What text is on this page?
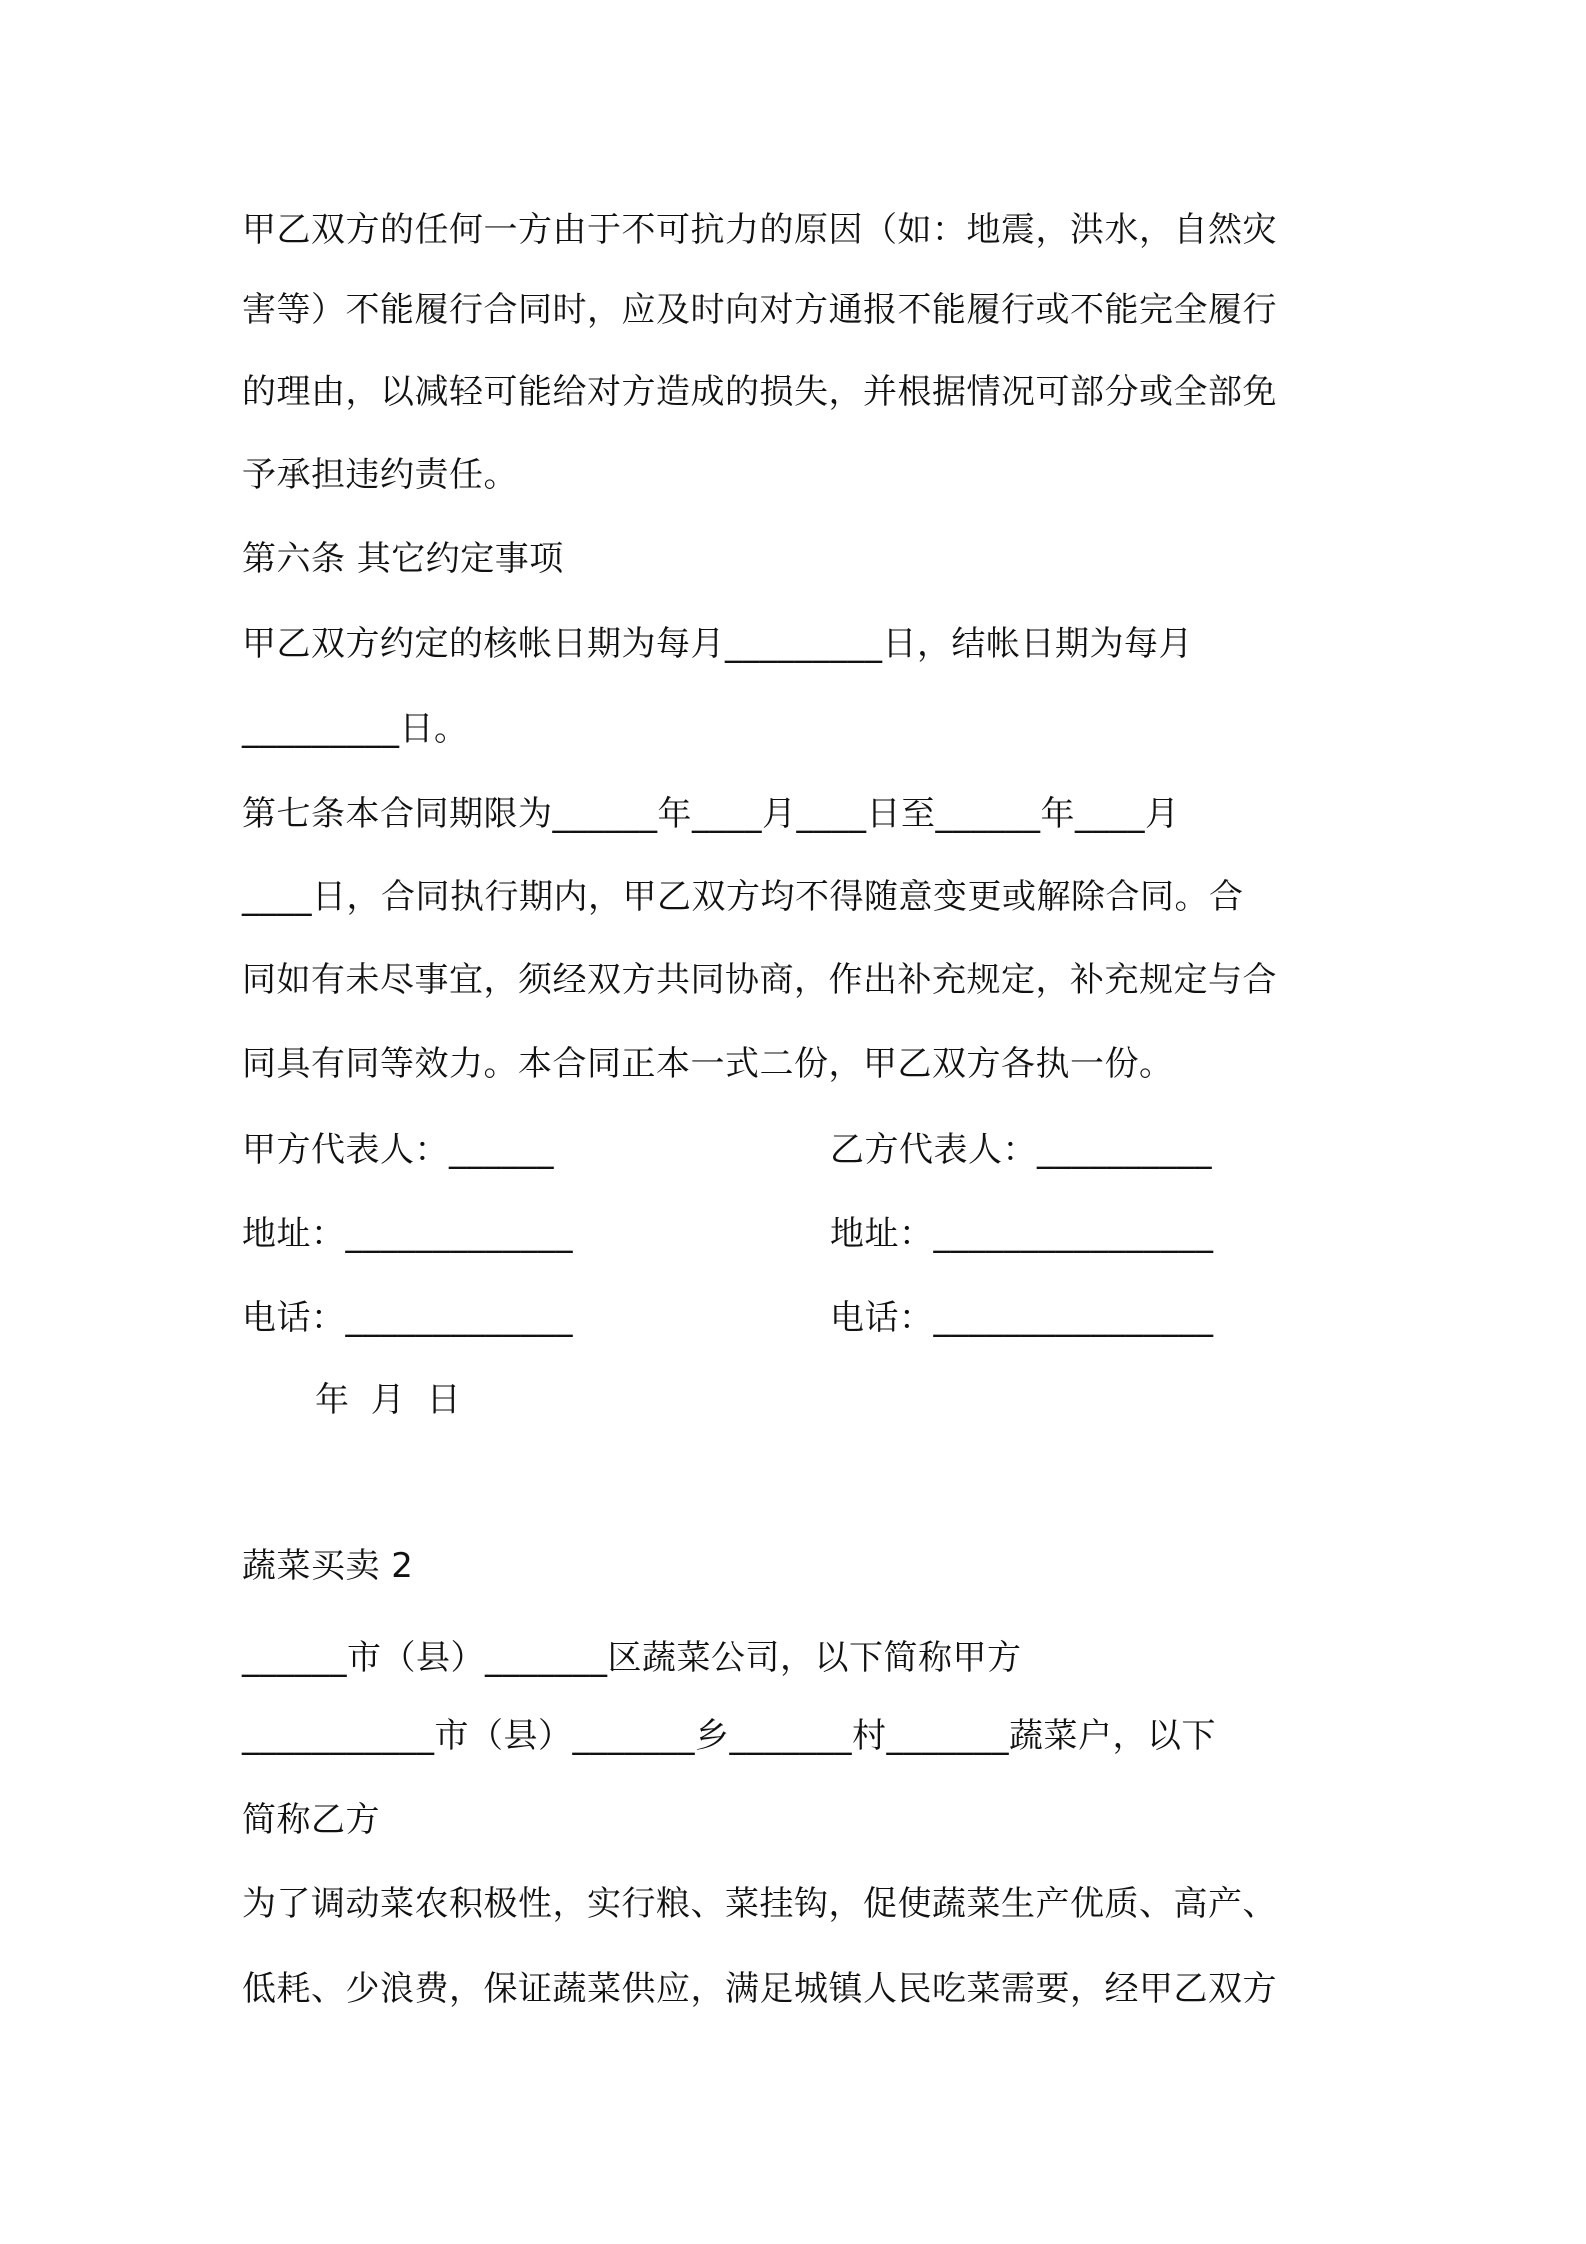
甲乙双方的任何一方由于不可抗力的原因（如：地震，洪水，自然灾
害等）不能履行合同时，应及时向对方通报不能履行或不能完全履行
的理由，以减轻可能给对方造成的损失，并根据情况可部分或全部免
予承担违约责任。
第六条 其它约定事项
甲乙双方约定的核帐日期为每月_________日，结帐日期为每月
_________日。
第七条本合同期限为______年____月____日至______年____月
____日，合同执行期内，甲乙双方均不得随意变更或解除合同。合
同如有未尽事宜，须经双方共同协商，作出补充规定，补充规定与合
同具有同等效力。本合同正本一式二份，甲乙双方各执一份。
甲方代表人：______	乙方代表人：__________
地址：_____________	地址：________________
电话：_____________	电话：________________
年 月 日
蔬菜买卖 2
______市（县）_______区蔬菜公司，以下简称甲方
___________市（县）_______乡_______村_______蔬菜户，以下
简称乙方
为了调动菜农积极性，实行粮、菜挂钩，促使蔬菜生产优质、高产、
低耗、少浪费，保证蔬菜供应，满足城镇人民吃菜需要，经甲乙双方
